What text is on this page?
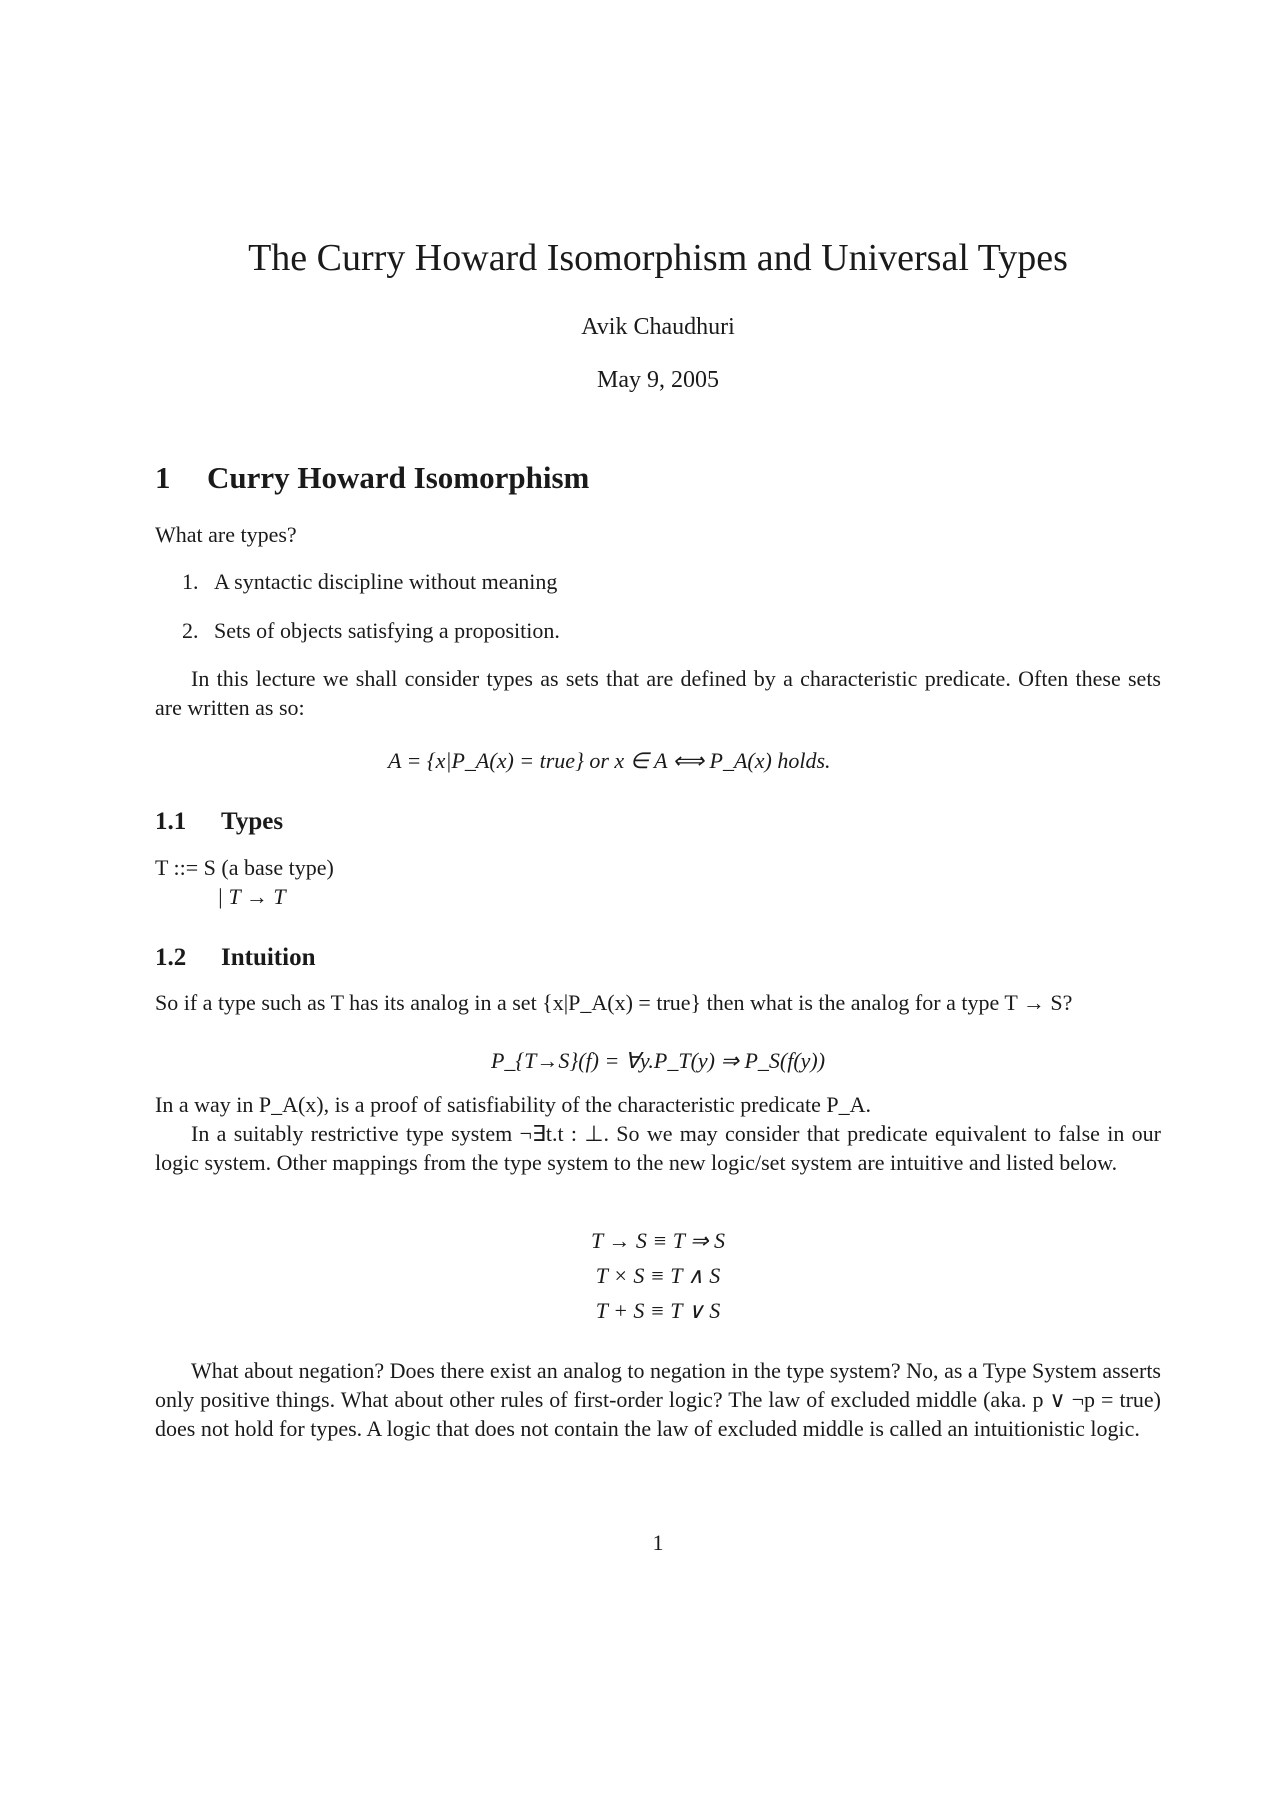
The Curry Howard Isomorphism and Universal Types
Avik Chaudhuri
May 9, 2005
1 Curry Howard Isomorphism
What are types?
1. A syntactic discipline without meaning
2. Sets of objects satisfying a proposition.
In this lecture we shall consider types as sets that are defined by a characteristic predicate. Often these sets are written as so:
A = {x|P_A(x) = true} or x ∈ A ⟺ P_A(x) holds.
1.1 Types
T ::= S (a base type)
| T → T
1.2 Intuition
So if a type such as T has its analog in a set {x|P_A(x) = true} then what is the analog for a type T → S?
P_{T→S}(f) = ∀y.P_T(y) ⇒ P_S(f(y))
In a way in P_A(x), is a proof of satisfiability of the characteristic predicate P_A.
In a suitably restrictive type system ¬∃t.t : ⊥. So we may consider that predicate equivalent to false in our logic system. Other mappings from the type system to the new logic/set system are intuitive and listed below.
T → S ≡ T ⇒ S
T × S ≡ T ∧ S
T + S ≡ T ∨ S
What about negation? Does there exist an analog to negation in the type system? No, as a Type System asserts only positive things. What about other rules of first-order logic? The law of excluded middle (aka. p ∨ ¬p = true) does not hold for types. A logic that does not contain the law of excluded middle is called an intuitionistic logic.
1
